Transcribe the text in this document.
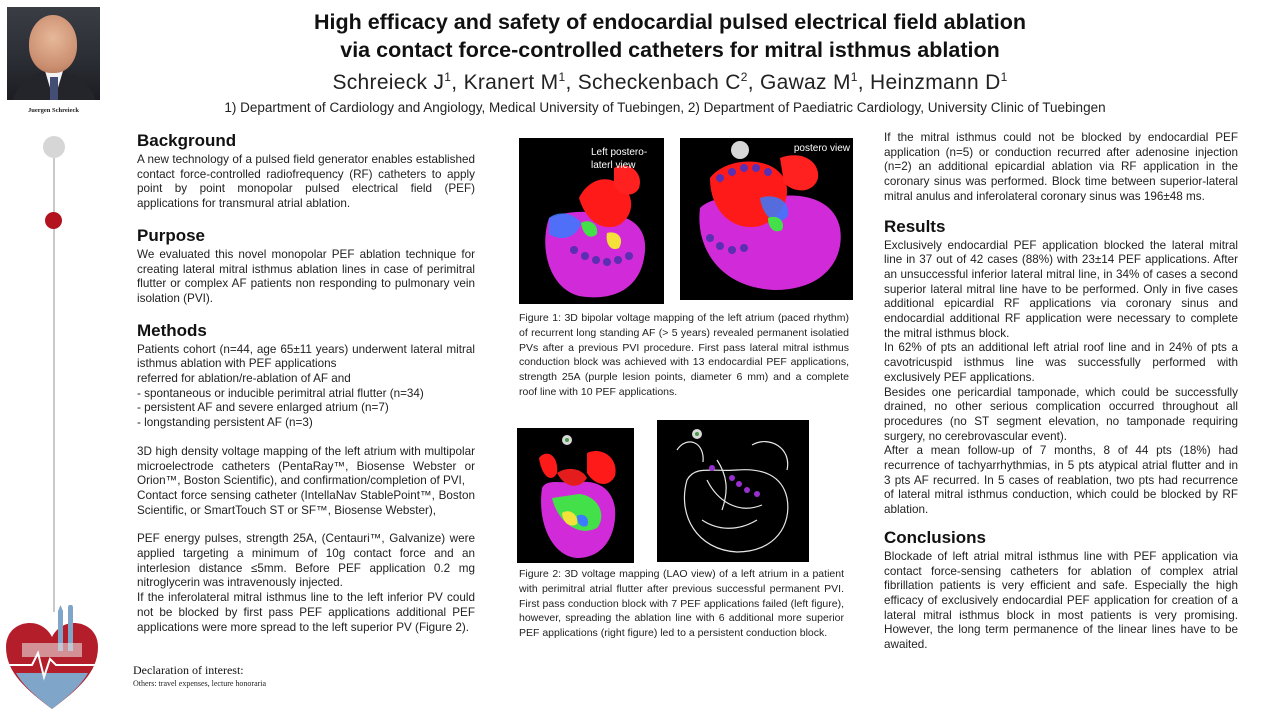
High efficacy and safety of endocardial pulsed electrical field ablation
via contact force-controlled catheters for mitral isthmus ablation
Schreieck $J^1$, Kranert $M^1$, Scheckenbach $C^2$, Gawaz $M^1$, Heinzmann $D^1$
1) Department of Cardiology and Angiology, Medical University of Tuebingen, 2) Department of Paediatric Cardiology, University Clinic of Tuebingen
Juergen Schreieck
Background
A new technology of a pulsed field generator enables established contact force-controlled radiofrequency (RF) catheters to apply point by point monopolar pulsed electrical field (PEF) applications for transmural atrial ablation.
Purpose
We evaluated this novel monopolar PEF ablation technique for creating lateral mitral isthmus ablation lines in case of perimitral flutter or complex AF patients non responding to pulmonary vein isolation (PVI).
Methods

Patients cohort (n=44, age 65±11 years) underwent lateral mitral isthmus ablation with PEF applications

referred for ablation/re-ablation of AF and

- spontaneous or inducible perimitral atrial flutter (n=34)

- persistent AF and severe enlarged atrium (n=7)

- longstanding persistent AF (n=3)

3D high density voltage mapping of the left atrium with multipolar microelectrode catheters (PentaRay™, Biosense Webster or Orion™, Boston Scientific), and confirmation/completion of PVI,

Contact force sensing catheter (IntellaNav StablePoint™, Boston Scientific, or SmartTouch ST or SF™, Biosense Webster),

PEF energy pulses, strength 25A, (Centauri™, Galvanize) were applied targeting a minimum of 10g contact force and an interlesion distance ≤5mm. Before PEF application 0.2 mg nitroglycerin was intravenously injected.

If the inferolateral mitral isthmus line to the left inferior PV could not be blocked by first pass PEF applications additional PEF applications were more spread to the left superior PV (Figure 2).

Declaration of interest:
Others: travel expenses, lecture honoraria
Left postero-laterl view
postero view
Figure 1: 3D bipolar voltage mapping of the left atrium (paced rhythm) of recurrent long standing AF (> 5 years) revealed permanent isolatied PVs after a previous PVI procedure. First pass lateral mitral isthmus conduction block was achieved with 13 endocardial PEF applications, strength 25A (purple lesion points, diameter 6 mm) and a complete roof line with 10 PEF applications.
Figure 2: 3D voltage mapping (LAO view) of a left atrium in a patient with perimitral atrial flutter after previous successful permanent PVI. First pass conduction block with 7 PEF applications failed (left figure), however, spreading the ablation line with 6 additional more superior PEF applications (right figure) led to a persistent conduction block.
If the mitral isthmus could not be blocked by endocardial PEF application (n=5) or conduction recurred after adenosine injection (n=2) an additional epicardial ablation via RF application in the coronary sinus was performed. Block time between superior-lateral mitral anulus and inferolateral coronary sinus was 196±48 ms.
Results

Exclusively endocardial PEF application blocked the lateral mitral line in 37 out of 42 cases (88%) with 23±14 PEF applications. After an unsuccessful inferior lateral mitral line, in 34% of cases a second superior lateral mitral line have to be performed. Only in five cases additional epicardial RF applications via coronary sinus and endocardial additional RF application were necessary to complete the mitral isthmus block.

In 62% of pts an additional left atrial roof line and in 24% of pts a cavotricuspid isthmus line was successfully performed with exclusively PEF applications.

Besides one pericardial tamponade, which could be successfully drained, no other serious complication occurred throughout all procedures (no ST segment elevation, no tamponade requiring surgery, no cerebrovascular event).

After a mean follow-up of 7 months, 8 of 44 pts (18%) had recurrence of tachyarrhythmias, in 5 pts atypical atrial flutter and in 3 pts AF recurred. In 5 cases of reablation, two pts had recurrence of lateral mitral isthmus conduction, which could be blocked by RF ablation.

Conclusions
Blockade of left atrial mitral isthmus line with PEF application via contact force-sensing catheters for ablation of complex atrial fibrillation patients is very efficient and safe. Especially the high efficacy of exclusively endocardial PEF application for creation of a lateral mitral isthmus block in most patients is very promising. However, the long term permanence of the linear lines have to be awaited.
